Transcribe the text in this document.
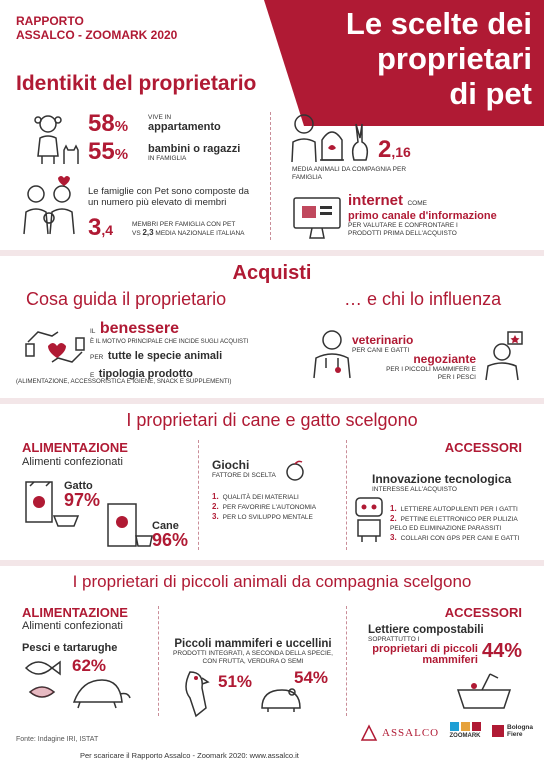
RAPPORTO
ASSALCO - ZOOMARK 2020	Le scelte dei
proprietari
di pet
Identikit del proprietario
58%
VIVE IN
appartamento
55% bambini o ragazzi
IN FAMIGLIA
Le famiglie con Pet sono composte da un numero più elevato di membri
3,4	MEMBRI PER FAMIGLIA CON PET
VS 2,3 MEDIA NAZIONALE ITALIANA
2,16
MEDIA ANIMALI DA COMPAGNIA PER FAMIGLIA
internet COME
primo canale d'informazione
PER VALUTARE E CONFRONTARE I PRODOTTI PRIMA DELL'ACQUISTO
Acquisti
Cosa guida il proprietario	… e chi lo influenza
IL benessere
È IL MOTIVO PRINCIPALE CHE INCIDE SUGLI ACQUISTI
PER tutte le specie animali
E tipologia prodotto
(ALIMENTAZIONE, ACCESSORISTICA E IGIENE, SNACK E SUPPLEMENTI)
veterinario
PER CANI E GATTI
negoziante
PER I PICCOLI MAMMIFERI E PER I PESCI
I proprietari di cane e gatto scelgono
ALIMENTAZIONE
Alimenti confezionati
Gatto
97%
Cane
96%
Giochi
FATTORE DI SCELTA
1. QUALITÀ DEI MATERIALI
2. PER FAVORIRE L'AUTONOMIA
3. PER LO SVILUPPO MENTALE
ACCESSORI
Innovazione tecnologica
INTERESSE ALL'ACQUISTO
1. LETTIERE AUTOPULENTI PER I GATTI
2. PETTINE ELETTRONICO PER PULIZIA PELO ED ELIMINAZIONE PARASSITI
3. COLLARI CON GPS PER CANI E GATTI
I proprietari di piccoli animali da compagnia scelgono
ALIMENTAZIONE
Alimenti confezionati
Pesci e tartarughe
62%
Piccoli mammiferi e uccellini
PRODOTTI INTEGRATI, A SECONDA DELLA SPECIE, CON FRUTTA, VERDURA O SEMI
51% 54%
ACCESSORI
Lettiere compostabili
SOPRATTUTTO I
proprietari di piccoli mammiferi 44%
Fonte: Indagine IRI, ISTAT
Per scaricare il Rapporto Assalco - Zoomark 2020: www.assalco.it
ASSALCO ZOOMARK
Bologna
Fiere
